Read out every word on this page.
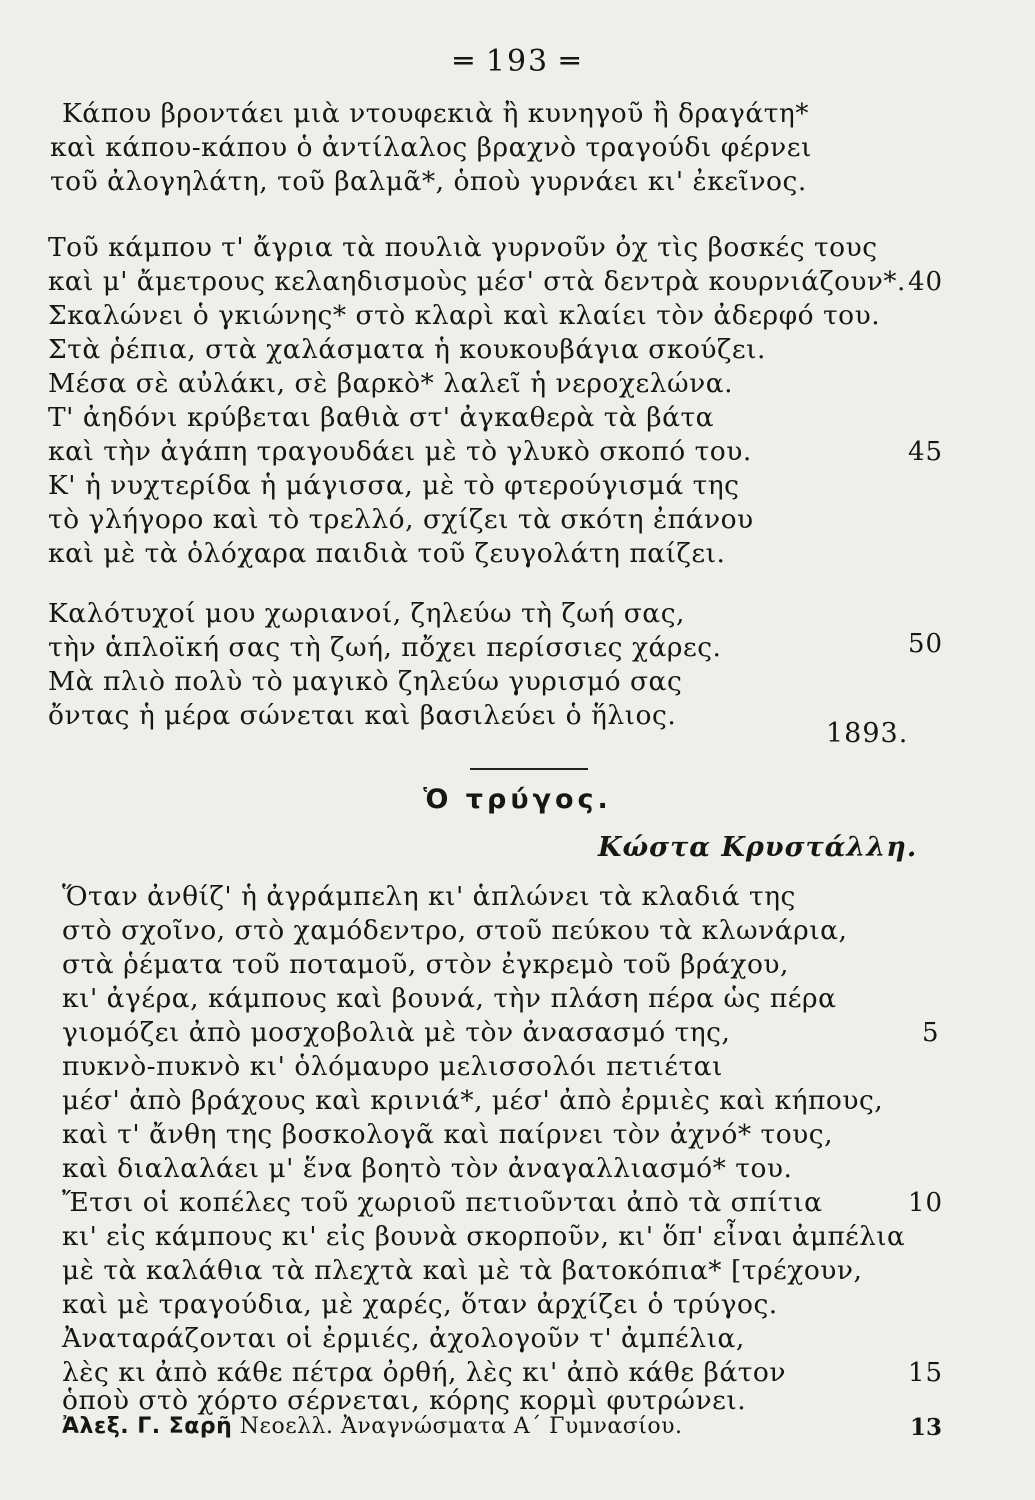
═ 193 ═
Κάπου βροντάει μιὰ ντουφεκιὰ ἢ κυνηγοῦ ἢ δραγάτη*
καὶ κάπου-κάπου ὁ ἀντίλαλος βραχνὸ τραγούδι φέρνει
τοῦ ἀλογηλάτη, τοῦ βαλμᾶ*, ὁποὺ γυρνάει κι' ἐκεῖνος.
Τοῦ κάμπου τ' ἄγρια τὰ πουλιὰ γυρνοῦν ὀχ τὶς βοσκές τους
καὶ μ' ἄμετρους κελαηδισμοὺς μέσ' στὰ δεντρὰ κουρνιάζουν*. 40
Σκαλώνει ὁ γκιώνης* στὸ κλαρὶ καὶ κλαίει τὸν ἀδερφό του.
Στὰ ῥέπια, στὰ χαλάσματα ἡ κουκουβάγια σκούζει.
Μέσα σὲ αὐλάκι, σὲ βαρκὸ* λαλεῖ ἡ νεροχελώνα.
Τ' ἀηδόνι κρύβεται βαθιὰ στ' ἀγκαθερὰ τὰ βάτα
καὶ τὴν ἀγάπη τραγουδάει μὲ τὸ γλυκὸ σκοπό του.	45
Κ' ἡ νυχτερίδα ἡ μάγισσα, μὲ τὸ φτερούγισμά της
τὸ γλήγορο καὶ τὸ τρελλό, σχίζει τὰ σκότη ἐπάνου
καὶ μὲ τὰ ὁλόχαρα παιδιὰ τοῦ ζευγολάτη παίζει.
Καλότυχοί μου χωριανοί, ζηλεύω τὴ ζωή σας,
τὴν ἁπλοϊκή σας τὴ ζωή, πὄχει περίσσιες χάρες.	50
Μὰ πλιὸ πολὺ τὸ μαγικὸ ζηλεύω γυρισμό σας
ὄντας ἡ μέρα σώνεται καὶ βασιλεύει ὁ ἥλιος.
1893.
Ὁ τρύγος.
Κώστα Κρυστάλλη.
Ὅταν ἀνθίζ' ἡ ἀγράμπελη κι' ἁπλώνει τὰ κλαδιά της
στὸ σχοῖνο, στὸ χαμόδεντρο, στοῦ πεύκου τὰ κλωνάρια,
στὰ ῥέματα τοῦ ποταμοῦ, στὸν ἐγκρεμὸ τοῦ βράχου,
κι' ἀγέρα, κάμπους καὶ βουνά, τὴν πλάση πέρα ὡς πέρα
γιομόζει ἀπὸ μοσχοβολιὰ μὲ τὸν ἀνασασμό της,	5
πυκνὸ-πυκνὸ κι' ὁλόμαυρο μελισσολόι πετιέται
μέσ' ἀπὸ βράχους καὶ κρινιά*, μέσ' ἀπὸ ἐρμιὲς καὶ κήπους,
καὶ τ' ἄνθη της βοσκολογᾶ καὶ παίρνει τὸν ἀχνό* τους,
καὶ διαλαλάει μ' ἕνα βοητὸ τὸν ἀναγαλλιασμό* του.
Ἔτσι οἱ κοπέλες τοῦ χωριοῦ πετιοῦνται ἀπὸ τὰ σπίτια	10
κι' εἰς κάμπους κι' εἰς βουνὰ σκορποῦν, κι' ὅπ' εἶναι ἀμπέλια
μὲ τὰ καλάθια τὰ πλεχτὰ καὶ μὲ τὰ βατοκόπια* [τρέχουν,
καὶ μὲ τραγούδια, μὲ χαρές, ὅταν ἀρχίζει ὁ τρύγος.
Ἀναταράζονται οἱ ἐρμιές, ἀχολογοῦν τ' ἀμπέλια,
λὲς κι ἀπὸ κάθε πέτρα ὀρθή, λὲς κι' ἀπὸ κάθε βάτον	15
ὁποὺ στὸ χόρτο σέρνεται, κόρης κορμὶ φυτρώνει.
Ἀλεξ. Γ. Σαρῆ Νεοελλ. Ἀναγνώσματα Α΄ Γυμνασίου.	13
